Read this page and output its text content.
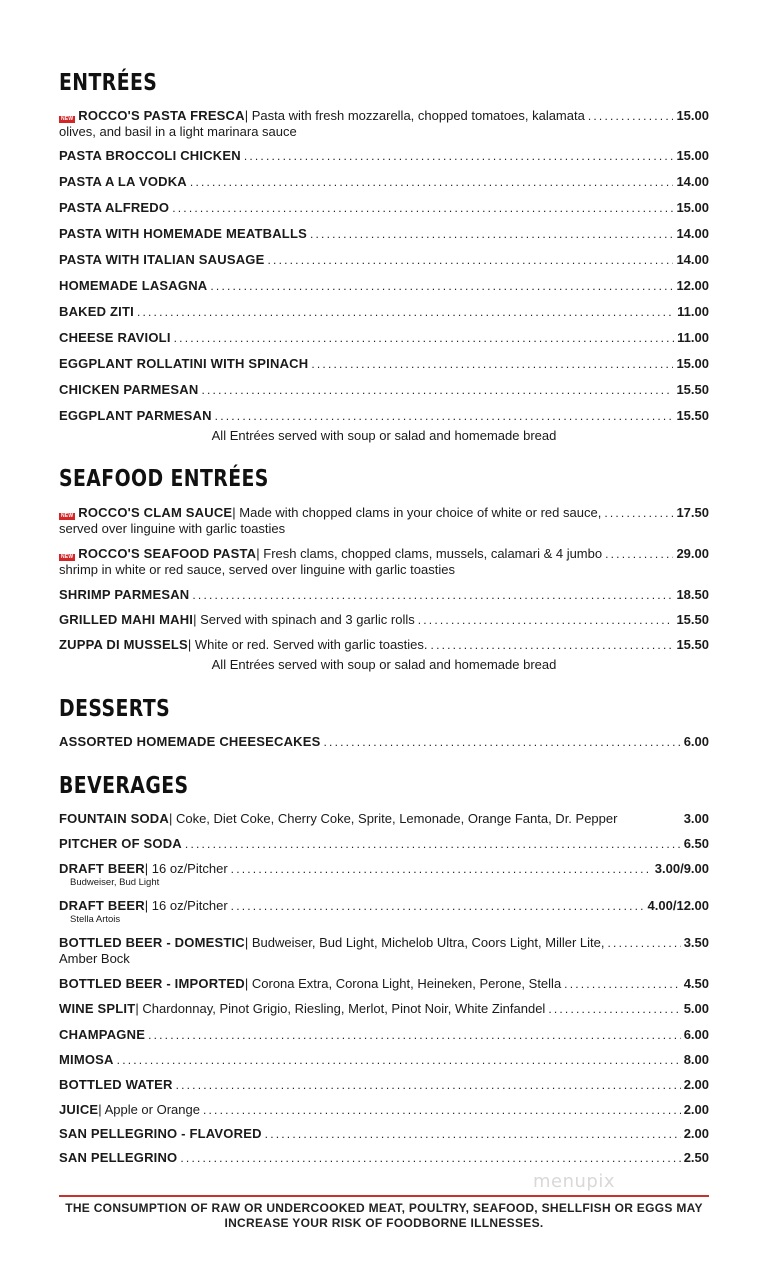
ENTRÉES
NEW ROCCO'S PASTA FRESCA | Pasta with fresh mozzarella, chopped tomatoes, kalamata .....	15.00
olives, and basil in a light marinara sauce
PASTA BROCCOLI CHICKEN .....	15.00
PASTA A LA VODKA .....	14.00
PASTA ALFREDO .....	15.00
PASTA WITH HOMEMADE MEATBALLS .....	14.00
PASTA WITH ITALIAN SAUSAGE .....	14.00
HOMEMADE LASAGNA .....	12.00
BAKED ZITI .....	11.00
CHEESE RAVIOLI .....	11.00
EGGPLANT ROLLATINI WITH SPINACH .....	15.00
CHICKEN PARMESAN .....	15.50
EGGPLANT PARMESAN .....	15.50
All Entrées served with soup or salad and homemade bread
SEAFOOD ENTRÉES
NEW ROCCO'S CLAM SAUCE | Made with chopped clams in your choice of white or red sauce, .....	17.50
served over linguine with garlic toasties
NEW ROCCO'S SEAFOOD PASTA | Fresh clams, chopped clams, mussels, calamari & 4 jumbo .....	29.00
shrimp in white or red sauce, served over linguine with garlic toasties
SHRIMP PARMESAN .....	18.50
GRILLED MAHI MAHI | Served with spinach and 3 garlic rolls .....	15.50
ZUPPA DI MUSSELS | White or red. Served with garlic toasties. .....	15.50
All Entrées served with soup or salad and homemade bread
DESSERTS
ASSORTED HOMEMADE CHEESECAKES .....	6.00
BEVERAGES
FOUNTAIN SODA | Coke, Diet Coke, Cherry Coke, Sprite, Lemonade, Orange Fanta, Dr. Pepper	3.00
PITCHER OF SODA .....	6.50
DRAFT BEER | 16 oz/Pitcher .....	3.00/9.00
Budweiser, Bud Light
DRAFT BEER | 16 oz/Pitcher .....	4.00/12.00
Stella Artois
BOTTLED BEER - DOMESTIC | Budweiser, Bud Light, Michelob Ultra, Coors Light, Miller Lite, .....	3.50
Amber Bock
BOTTLED BEER - IMPORTED | Corona Extra, Corona Light, Heineken, Perone, Stella .....	4.50
WINE SPLIT | Chardonnay, Pinot Grigio, Riesling, Merlot, Pinot Noir, White Zinfandel .....	5.00
CHAMPAGNE .....	6.00
MIMOSA .....	8.00
BOTTLED WATER .....	2.00
JUICE | Apple or Orange .....	2.00
SAN PELLEGRINO - FLAVORED .....	2.00
SAN PELLEGRINO .....	2.50
menupix
THE CONSUMPTION OF RAW OR UNDERCOOKED MEAT, POULTRY, SEAFOOD, SHELLFISH OR EGGS MAY INCREASE YOUR RISK OF FOODBORNE ILLNESSES.
